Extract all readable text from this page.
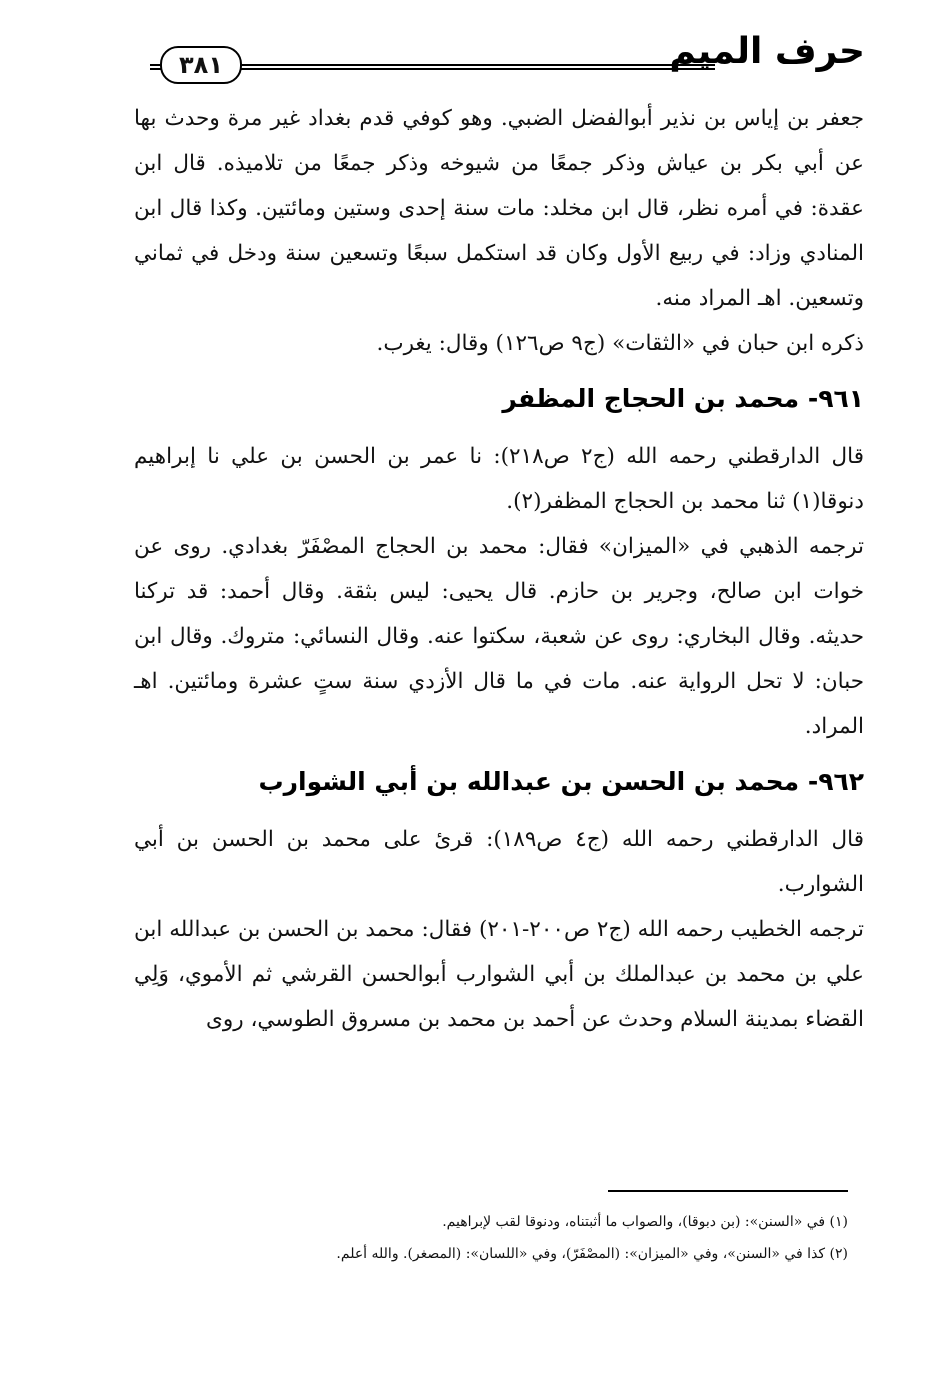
حرف الميم
٣٨١

جعفر بن إياس بن نذير أبوالفضل الضبي. وهو كوفي قدم بغداد غير مرة وحدث بها عن أبي بكر بن عياش وذكر جمعًا من شيوخه وذكر جمعًا من تلاميذه. قال ابن عقدة: في أمره نظر، قال ابن مخلد: مات سنة إحدى وستين ومائتين. وكذا قال ابن المنادي وزاد: في ربيع الأول وكان قد استكمل سبعًا وتسعين سنة ودخل في ثماني وتسعين. اهـ المراد منه.

ذكره ابن حبان في «الثقات» (ج٩ ص١٢٦) وقال: يغرب.

٩٦١- محمد بن الحجاج المظفر

قال الدارقطني رحمه الله (ج٢ ص٢١٨): نا عمر بن الحسن بن علي نا إبراهيم دنوقا(١) ثنا محمد بن الحجاج المظفر(٢).

ترجمه الذهبي في «الميزان» فقال: محمد بن الحجاج المصْفَرّ بغدادي. روى عن خوات ابن صالح، وجرير بن حازم. قال يحيى: ليس بثقة. وقال أحمد: قد تركنا حديثه. وقال البخاري: روى عن شعبة، سكتوا عنه. وقال النسائي: متروك. وقال ابن حبان: لا تحل الرواية عنه. مات في ما قال الأزدي سنة ستٍ عشرة ومائتين. اهـ المراد.

٩٦٢- محمد بن الحسن بن عبدالله بن أبي الشوارب

قال الدارقطني رحمه الله (ج٤ ص١٨٩): قرئ على محمد بن الحسن بن أبي الشوارب.

ترجمه الخطيب رحمه الله (ج٢ ص٢٠٠-٢٠١) فقال: محمد بن الحسن بن عبدالله ابن علي بن محمد بن عبدالملك بن أبي الشوارب أبوالحسن القرشي ثم الأموي، وَلِي القضاء بمدينة السلام وحدث عن أحمد بن محمد بن مسروق الطوسي، روى

(١) في «السنن»: (بن دبوقا)، والصواب ما أثبتناه، ودنوقا لقب لإبراهيم.

(٢) كذا في «السنن»، وفي «الميزان»: (المصْفَرّ)، وفي «اللسان»: (المصغر). والله أعلم.
